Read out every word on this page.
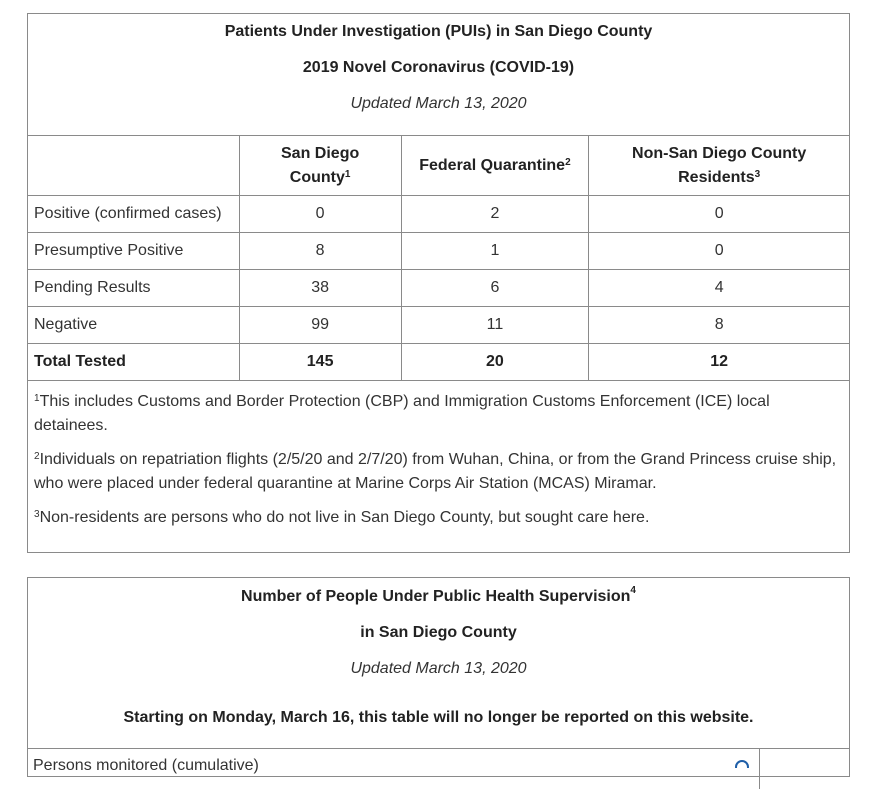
Patients Under Investigation (PUIs) in San Diego County
2019 Novel Coronavirus (COVID-19)
Updated March 13, 2020
	San Diego County$^1$	Federal Quarantine$^2$	Non-San Diego County Residents$^3$
Positive (confirmed cases)	0	2	0
Presumptive Positive	8	1	0
Pending Results	38	6	4
Negative	99	11	8
Total Tested	145	20	12

$^1$This includes Customs and Border Protection (CBP) and Immigration Customs Enforcement (ICE) local detainees.

$^2$Individuals on repatriation flights (2/5/20 and 2/7/20) from Wuhan, China, or from the Grand Princess cruise ship, who were placed under federal quarantine at Marine Corps Air Station (MCAS) Miramar.

$^3$Non-residents are persons who do not live in San Diego County, but sought care here.

Number of People Under Public Health Supervision$^4$
in San Diego County
Updated March 13, 2020
Starting on Monday, March 16, this table will no longer be reported on this website.
Persons monitored (cumulative)
